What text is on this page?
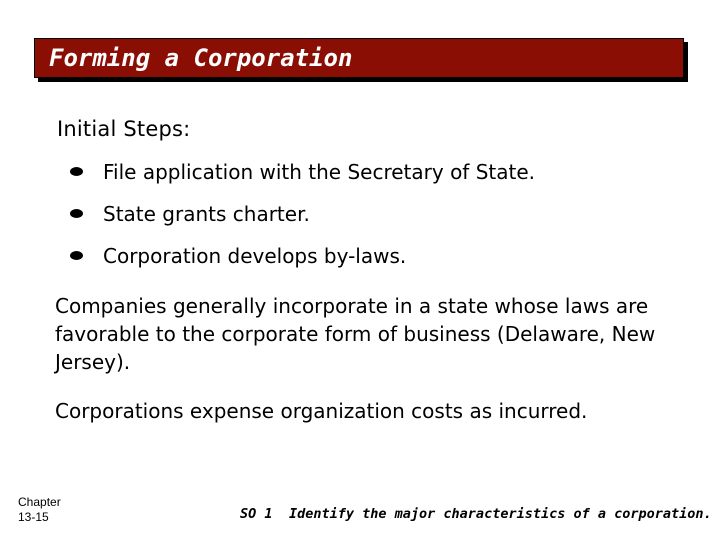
Forming a Corporation
Initial Steps:
File application with the Secretary of State.
State grants charter.
Corporation develops by-laws.
Companies generally incorporate in a state whose laws are favorable to the corporate form of business (Delaware, New Jersey).
Corporations expense organization costs as incurred.
Chapter
13-15	SO 1 Identify the major characteristics of a corporation.
